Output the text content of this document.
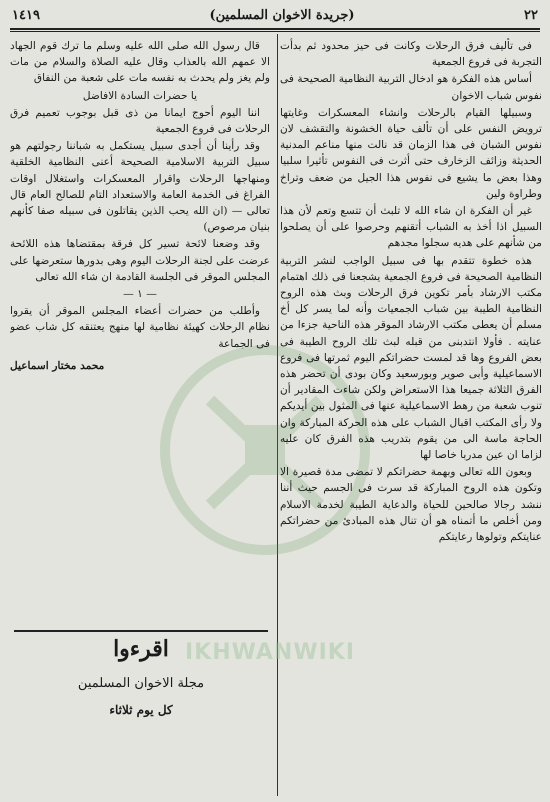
٢٢
(جريدة الاخوان المسلمين)
١٤١٩
IKHWANWIKI

فى تأليف فرق الرحلات وكانت فى حيز محدود ثم بدأت التجربة فى فروع الجمعية

أساس هذه الفكرة هو ادخال التربية النظامية الصحيحة فى نفوس شباب الاخوان

وسبيلها القيام بالرحلات وانشاء المعسكرات وغايتها ترويض النفس على أن تألف حياة الخشونة والتقشف لان نفوس الشبان فى هذا الزمان قد نالت منها مناعم المدنية الحديثة وزائف الزخارف حتى أثرت فى النفوس تأثيرا سلبيا وهذا بعض ما يشيع فى نفوس هذا الجيل من ضعف وتراخ وطراوة ولين

غير أن الفكرة ان شاء الله لا تلبث أن تتسع وتعم لأن هذا السبيل اذا أخذ به الشباب أتقنهم وحرصوا على أن يصلحوا من شأنهم على هديه سجلوا مجدهم

هذه خطوة تتقدم بها فى سبيل الواجب لنشر التربية النظامية الصحيحة فى فروع الجمعية يشجعنا فى ذلك اهتمام مكتب الارشاد بأمر تكوين فرق الرحلات وبث هذه الروح النظامية الطيبة بين شباب الجمعيات وأنه لما يسر كل أخ مسلم أن يعطى مكتب الارشاد الموقر هذه الناحية جزءا من عنايته . فأولا انتدبنى من قبله لبث تلك الروح الطيبة فى بعض الفروع وها قد لمست حضراتكم اليوم ثمرتها فى فروع الاسماعيلية وأبى صوير وبورسعيد وكان بودى أن تحضر هذه الفرق الثلاثة جميعا هذا الاستعراض ولكن شاءت المقادير أن تنوب شعبة من رهط الاسماعيلية عنها فى المثول بين أيديكم ولا رأى المكتب اقبال الشباب على هذه الحركة المباركة وان الحاجة ماسة الى من يقوم بتدريب هذه الفرق كان عليه لزاما ان عين مدربا خاصا لها

وبعون الله تعالى وبهمة حضراتكم لا تمضى مدة قصيرة الا وتكون هذه الروح المباركة قد سرت فى الجسم حيث أننا ننشد رجالا صالحين للحياة والدعاية الطيبة لخدمة الاسلام ومن أخلص ما أتمناه هو أن تنال هذه المبادئ من حضراتكم عنايتكم وتولوها رعايتكم

قال رسول الله صلى الله عليه وسلم ما ترك قوم الجهاد الا عمهم الله بالعذاب وقال عليه الصلاة والسلام من مات ولم يغز ولم يحدث به نفسه مات على شعبة من النفاق

يا حضرات السادة الافاضل

اننا اليوم أحوج ايمانا من ذى قبل بوجوب تعميم فرق الرحلات فى فروع الجمعية

وقد رأينا أن أجدى سبيل يستكمل به شباننا رجولتهم هو سبيل التربية الاسلامية الصحيحة أعنى النظامية الخلقية ومنهاجها الرحلات واقرار المعسكرات واستغلال اوقات الفراغ فى الخدمة العامة والاستعداد التام للصالح العام قال تعالى — (ان الله يحب الذين يقاتلون فى سبيله صفا كأنهم بنيان مرصوص)

وقد وضعنا لائحة تسير كل فرقة بمقتضاها هذه اللائحة عرضت على لجنة الرحلات اليوم وهى بدورها ستعرضها على المجلس الموقر فى الجلسة القادمة ان شاء الله تعالى

— ١ —

وأطلب من حضرات أعضاء المجلس الموقر أن يقروا نظام الرحلات كهيئة نظامية لها منهج يعتنقه كل شاب عضو فى الجماعة

محمد مختار اسماعيل

اقرءوا
مجلة الاخوان المسلمين
كل يوم ثلاثاء
